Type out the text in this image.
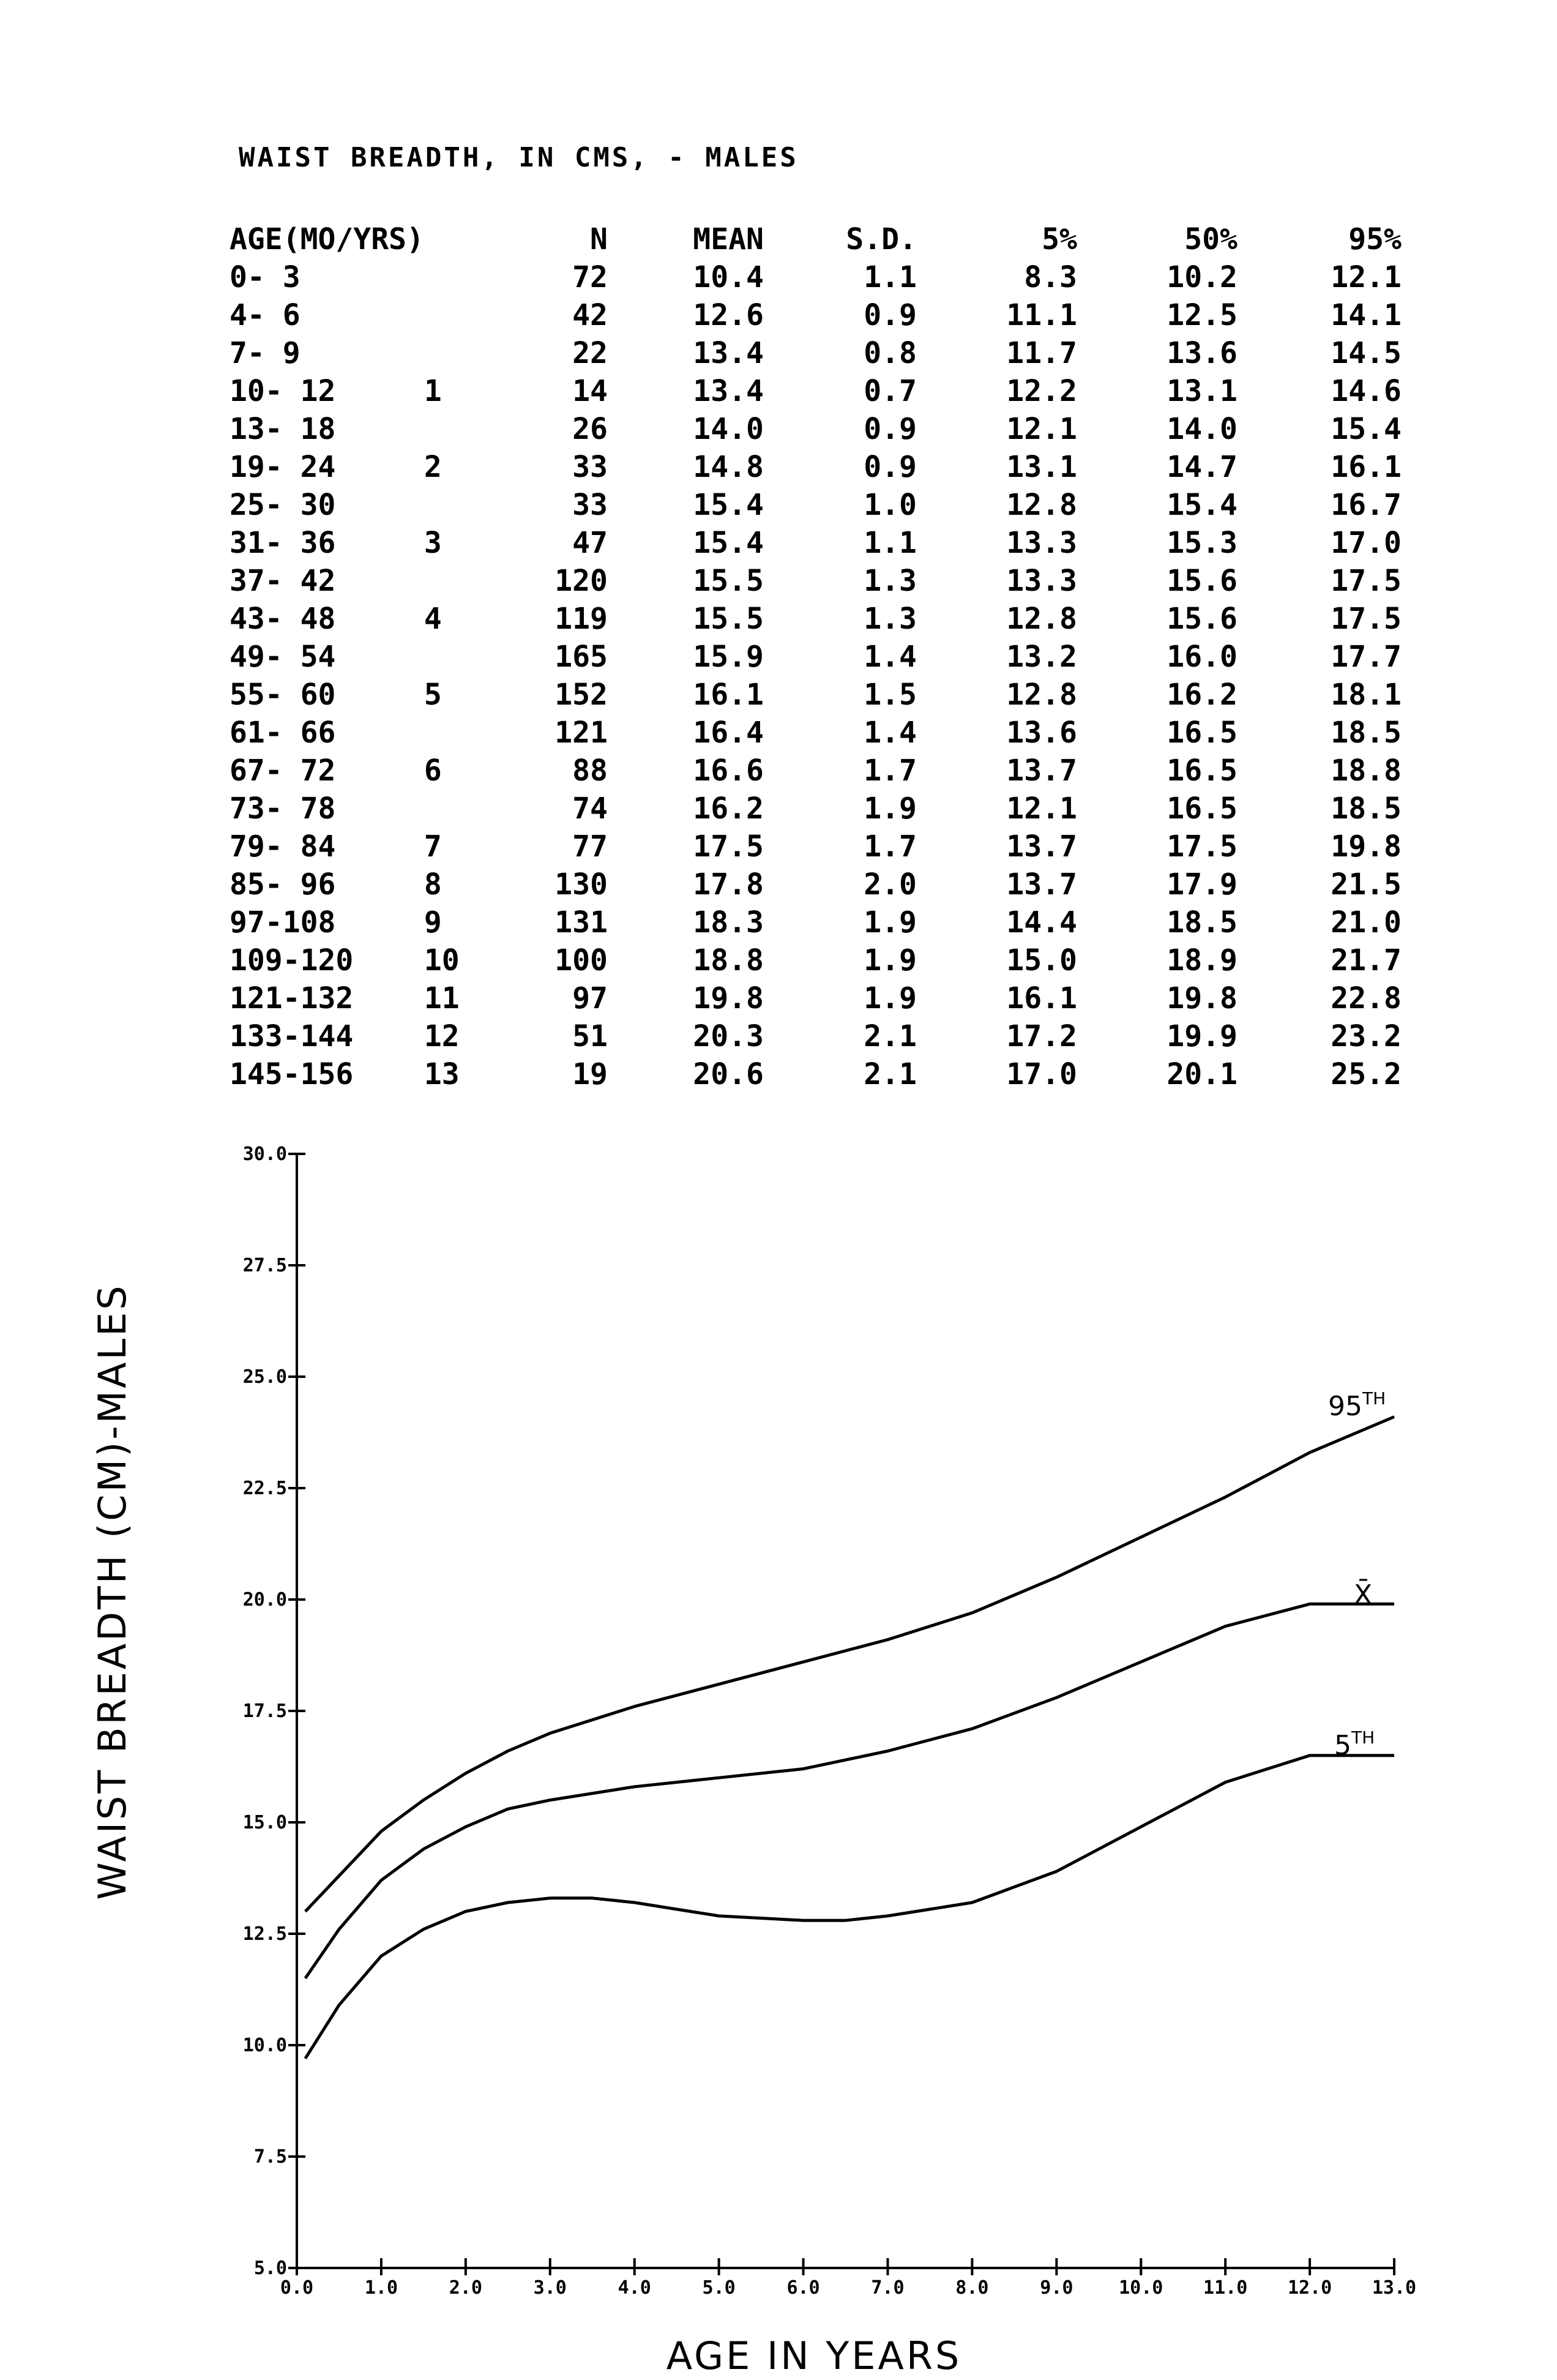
WAIST BREADTH, IN CMS, - MALES
AGE(MO/YRS)		N	MEAN	S.D.	5%	50%	95%
0- 3		72	10.4	1.1	8.3	10.2	12.1
4- 6		42	12.6	0.9	11.1	12.5	14.1
7- 9		22	13.4	0.8	11.7	13.6	14.5
10- 12	1	14	13.4	0.7	12.2	13.1	14.6
13- 18		26	14.0	0.9	12.1	14.0	15.4
19- 24	2	33	14.8	0.9	13.1	14.7	16.1
25- 30		33	15.4	1.0	12.8	15.4	16.7
31- 36	3	47	15.4	1.1	13.3	15.3	17.0
37- 42		120	15.5	1.3	13.3	15.6	17.5
43- 48	4	119	15.5	1.3	12.8	15.6	17.5
49- 54		165	15.9	1.4	13.2	16.0	17.7
55- 60	5	152	16.1	1.5	12.8	16.2	18.1
61- 66		121	16.4	1.4	13.6	16.5	18.5
67- 72	6	88	16.6	1.7	13.7	16.5	18.8
73- 78		74	16.2	1.9	12.1	16.5	18.5
79- 84	7	77	17.5	1.7	13.7	17.5	19.8
85- 96	8	130	17.8	2.0	13.7	17.9	21.5
97-108	9	131	18.3	1.9	14.4	18.5	21.0
109-120	10	100	18.8	1.9	15.0	18.9	21.7
121-132	11	97	19.8	1.9	16.1	19.8	22.8
133-144	12	51	20.3	2.1	17.2	19.9	23.2
145-156	13	19	20.6	2.1	17.0	20.1	25.2
5.0
7.5
10.0
12.5
15.0
17.5
20.0
22.5
25.0
27.5
30.0
0.0	1.0	2.0	3.0	4.0	5.0	6.0	7.0	8.0	9.0 10.0 11.0 12.0 13.0
WAIST BREADTH (CM)-MALES
AGE IN YEARS
95TH
X̄
5TH
